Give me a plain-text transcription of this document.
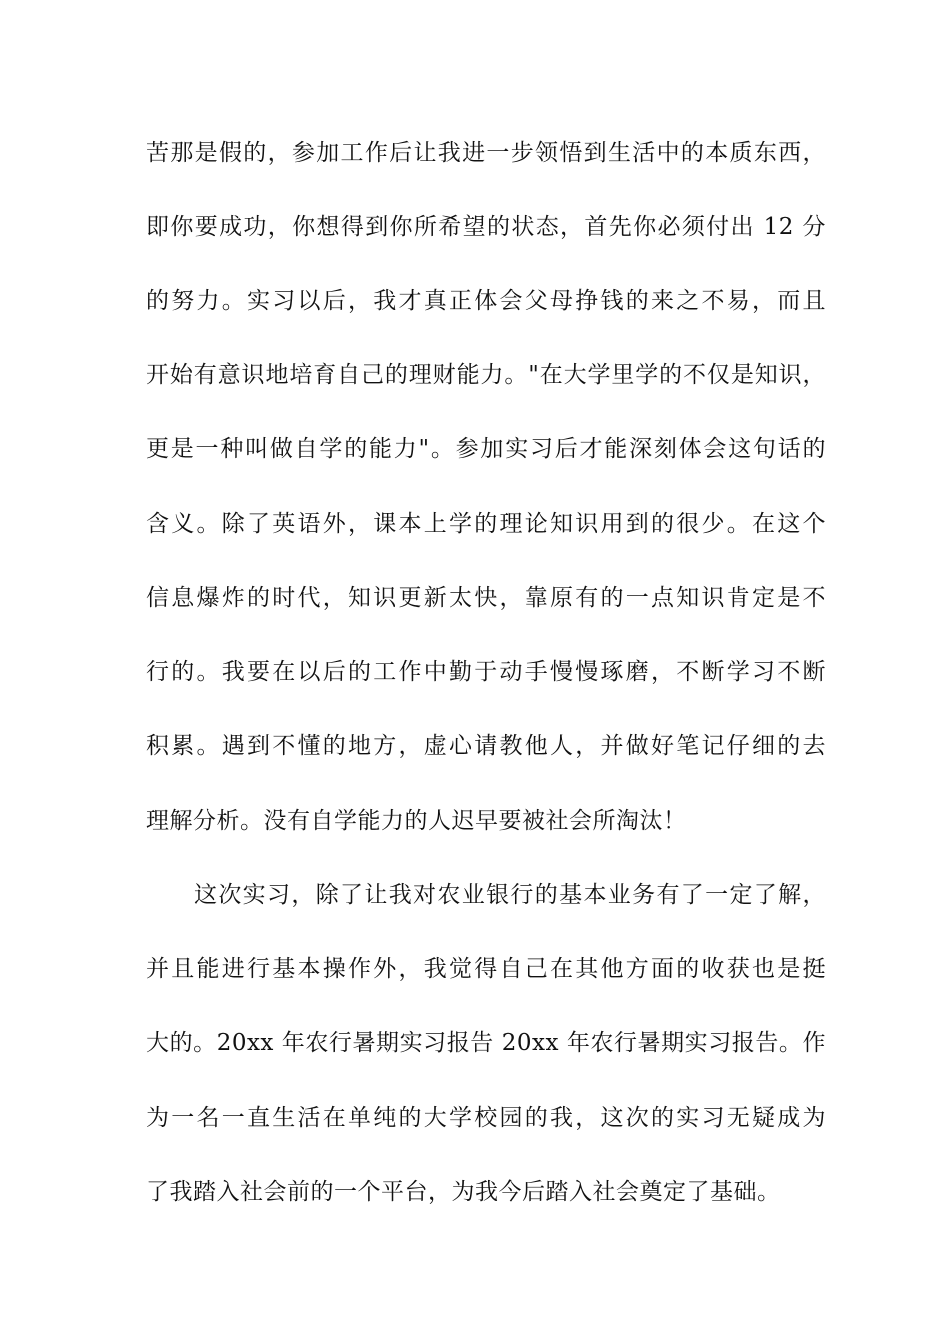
苦那是假的，参加工作后让我进一步领悟到生活中的本质东西，
即你要成功，你想得到你所希望的状态，首先你必须付出 12 分
的努力。实习以后，我才真正体会父母挣钱的来之不易，而且
开始有意识地培育自己的理财能力。"在大学里学的不仅是知识，
更是一种叫做自学的能力"。参加实习后才能深刻体会这句话的
含义。除了英语外，课本上学的理论知识用到的很少。在这个
信息爆炸的时代，知识更新太快，靠原有的一点知识肯定是不
行的。我要在以后的工作中勤于动手慢慢琢磨，不断学习不断
积累。遇到不懂的地方，虚心请教他人，并做好笔记仔细的去
理解分析。没有自学能力的人迟早要被社会所淘汰！
这次实习，除了让我对农业银行的基本业务有了一定了解，
并且能进行基本操作外，我觉得自己在其他方面的收获也是挺
大的。20xx 年农行暑期实习报告 20xx 年农行暑期实习报告。作
为一名一直生活在单纯的大学校园的我，这次的实习无疑成为
了我踏入社会前的一个平台，为我今后踏入社会奠定了基础。
